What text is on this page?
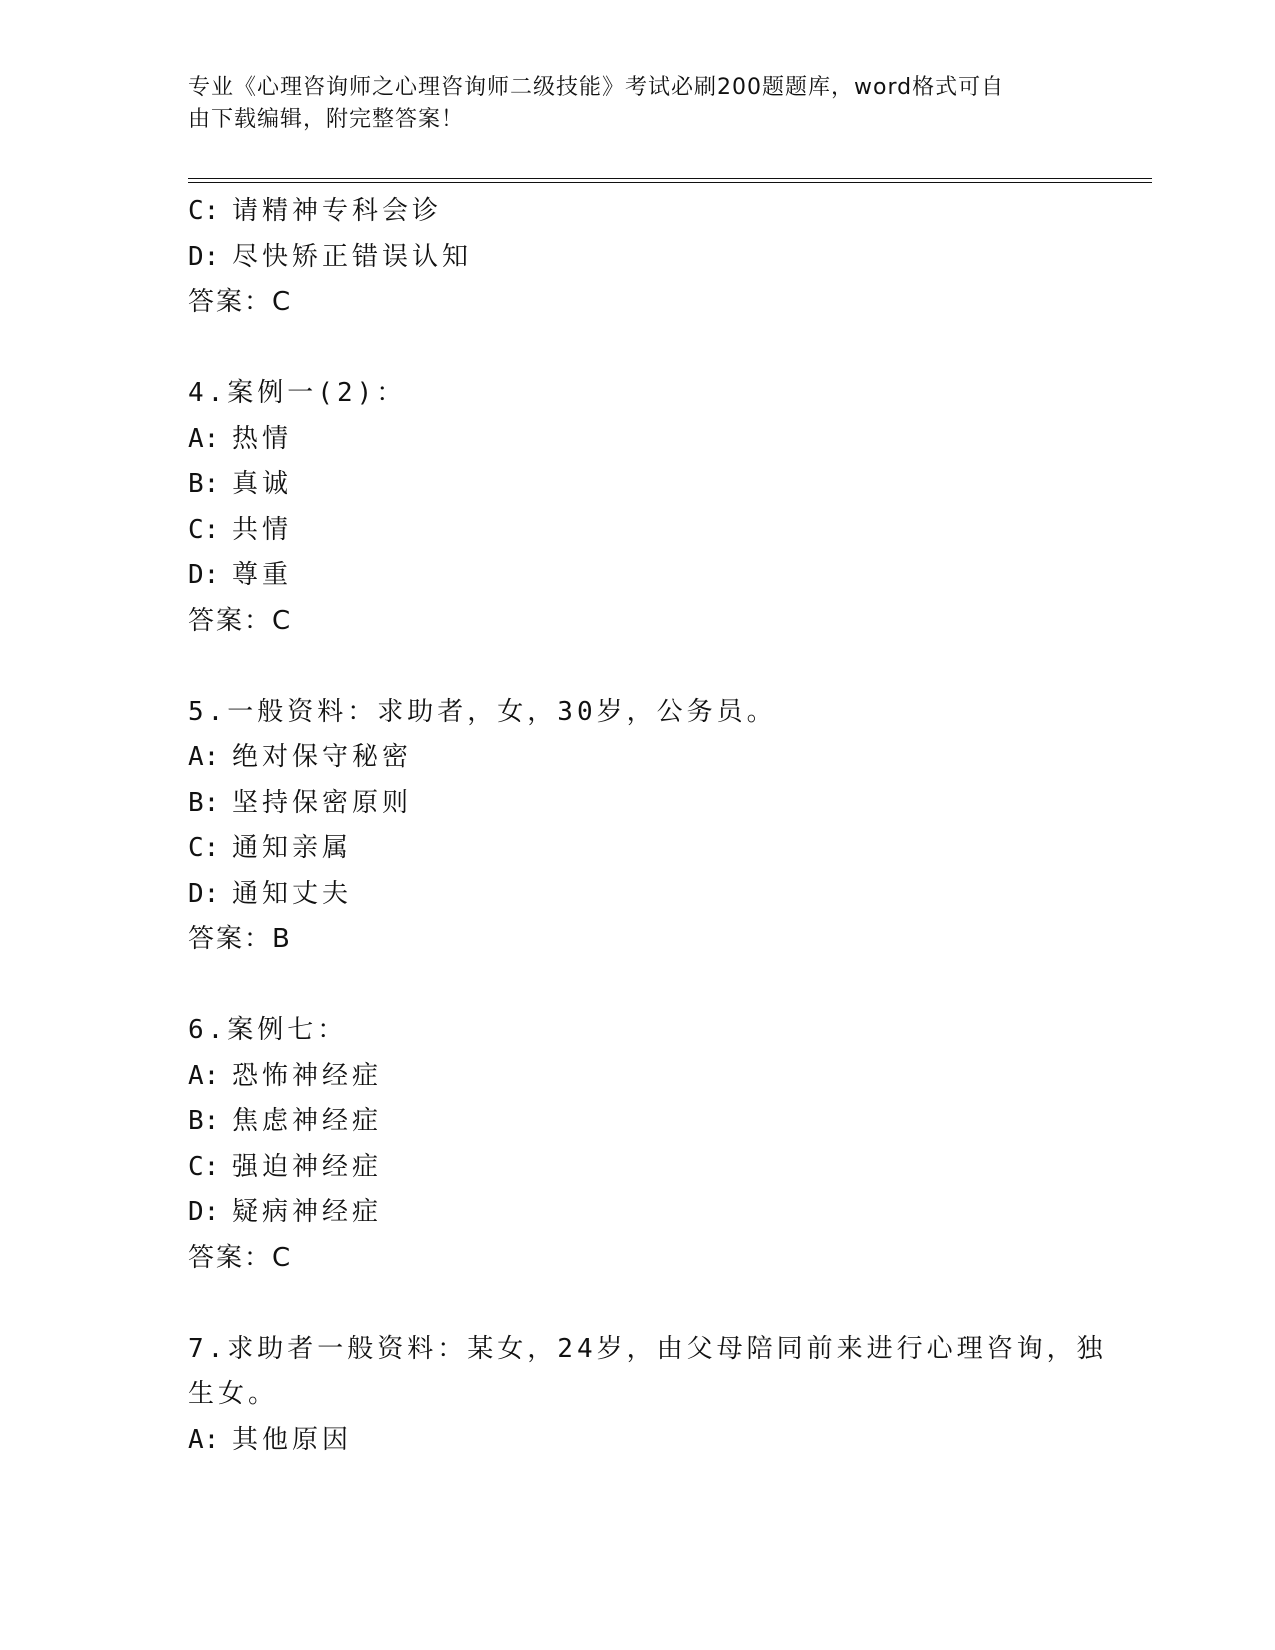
专业《心理咨询师之心理咨询师二级技能》考试必刷200题题库，word格式可自
由下载编辑，附完整答案！
C: 请精神专科会诊
D: 尽快矫正错误认知
答案：C
4.案例一(2)：
A: 热情
B: 真诚
C: 共情
D: 尊重
答案：C
5.一般资料：求助者，女，30岁，公务员。
A: 绝对保守秘密
B: 坚持保密原则
C: 通知亲属
D: 通知丈夫
答案：B
6.案例七：
A: 恐怖神经症
B: 焦虑神经症
C: 强迫神经症
D: 疑病神经症
答案：C
7.求助者一般资料：某女，24岁，由父母陪同前来进行心理咨询，独
生女。
A: 其他原因
